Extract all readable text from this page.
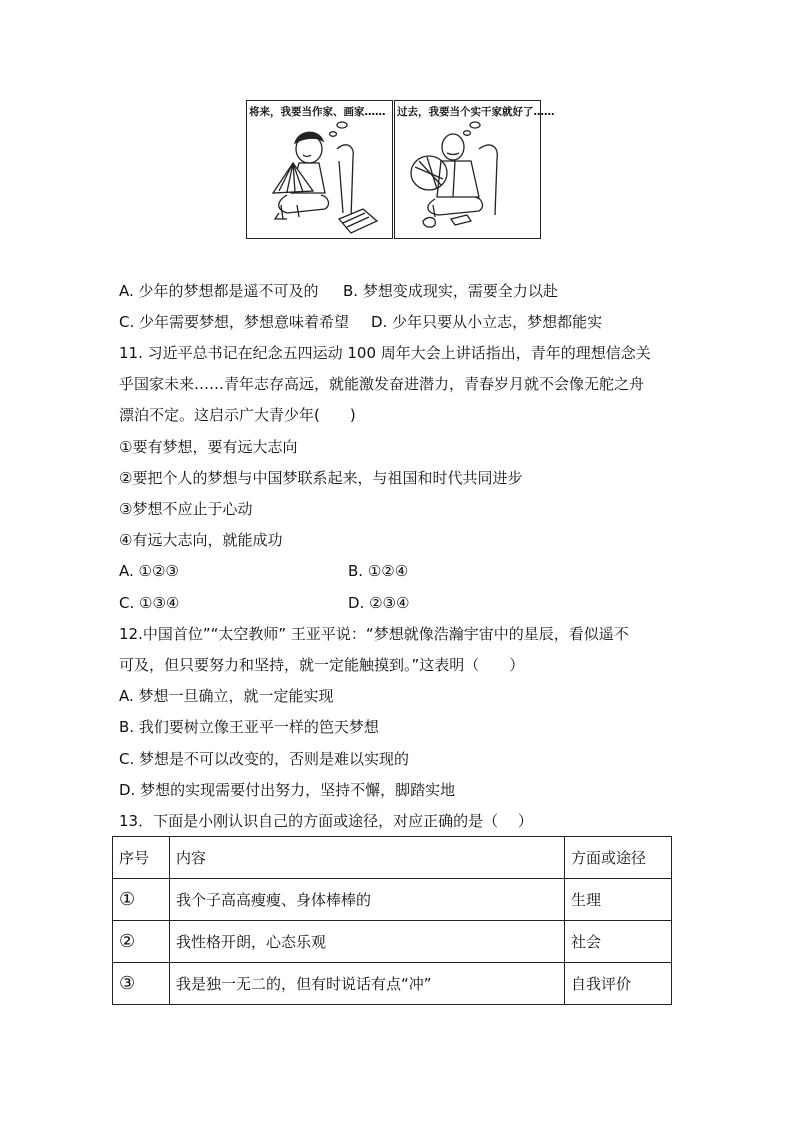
将来，我要当作家、画家…… 过去，我要当个实干家就好了……
A. 少年的梦想都是遥不可及的 B. 梦想变成现实，需要全力以赴
C. 少年需要梦想，梦想意味着希望 D. 少年只要从小立志，梦想都能实
11. 习近平总书记在纪念五四运动 100 周年大会上讲话指出，青年的理想信念关
乎国家未来……青年志存高远，就能激发奋进潜力，青春岁月就不会像无舵之舟
漂泊不定。这启示广大青少年(　　)
①要有梦想，要有远大志向
②要把个人的梦想与中国梦联系起来，与祖国和时代共同进步
③梦想不应止于心动
④有远大志向，就能成功
A. ①②③	B. ①②④
C. ①③④	D. ②③④
12.中国首位”“太空教师” 王亚平说：“梦想就像浩瀚宇宙中的星辰，看似遥不
可及，但只要努力和坚持，就一定能触摸到。”这表明（　　）
A. 梦想一旦确立，就一定能实现
B. 我们要树立像王亚平一样的笆天梦想
C. 梦想是不可以改变的，否则是难以实现的
D. 梦想的实现需要付出努力，坚持不懈，脚踏实地
13．下面是小刚认识自己的方面或途径，对应正确的是（　 ）
序号	内容	方面或途径
①	我个子高高瘦瘦、身体棒棒的	生理
②	我性格开朗，心态乐观	社会
③	我是独一无二的，但有时说话有点“冲”	自我评价
